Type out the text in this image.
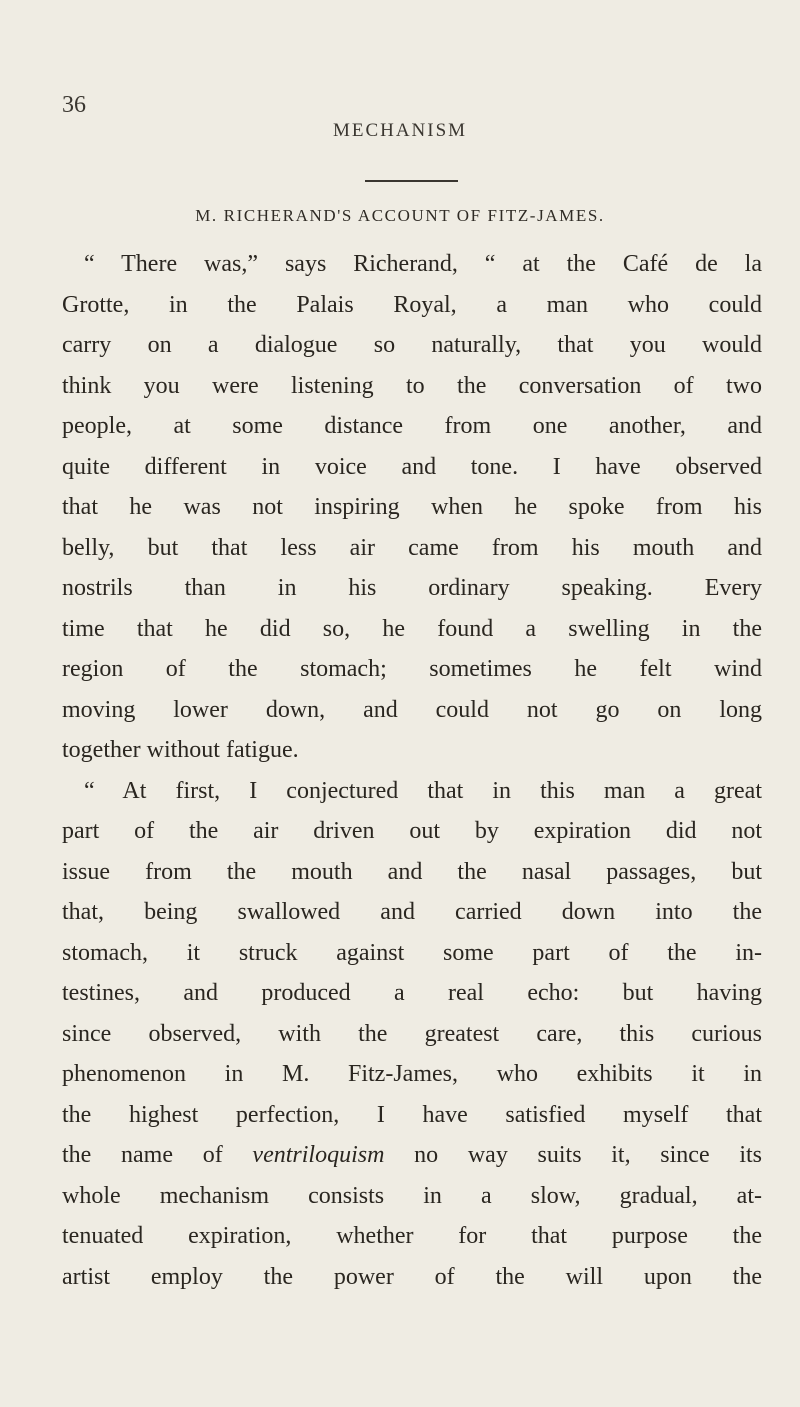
36
MECHANISM
M. RICHERAND'S ACCOUNT OF FITZ-JAMES.
“ There was,” says Richerand, “ at the Café de la
Grotte, in the Palais Royal, a man who could
carry on a dialogue so naturally, that you would
think you were listening to the conversation of two
people, at some distance from one another, and
quite different in voice and tone. I have observed
that he was not inspiring when he spoke from his
belly, but that less air came from his mouth and
nostrils than in his ordinary speaking. Every
time that he did so, he found a swelling in the
region of the stomach; sometimes he felt wind
moving lower down, and could not go on long
together without fatigue.
“ At first, I conjectured that in this man a great
part of the air driven out by expiration did not
issue from the mouth and the nasal passages, but
that, being swallowed and carried down into the
stomach, it struck against some part of the in-
testines, and produced a real echo: but having
since observed, with the greatest care, this curious
phenomenon in M. Fitz-James, who exhibits it in
the highest perfection, I have satisfied myself that
the name of ventriloquism no way suits it, since its
whole mechanism consists in a slow, gradual, at-
tenuated expiration, whether for that purpose the
artist employ the power of the will upon the
